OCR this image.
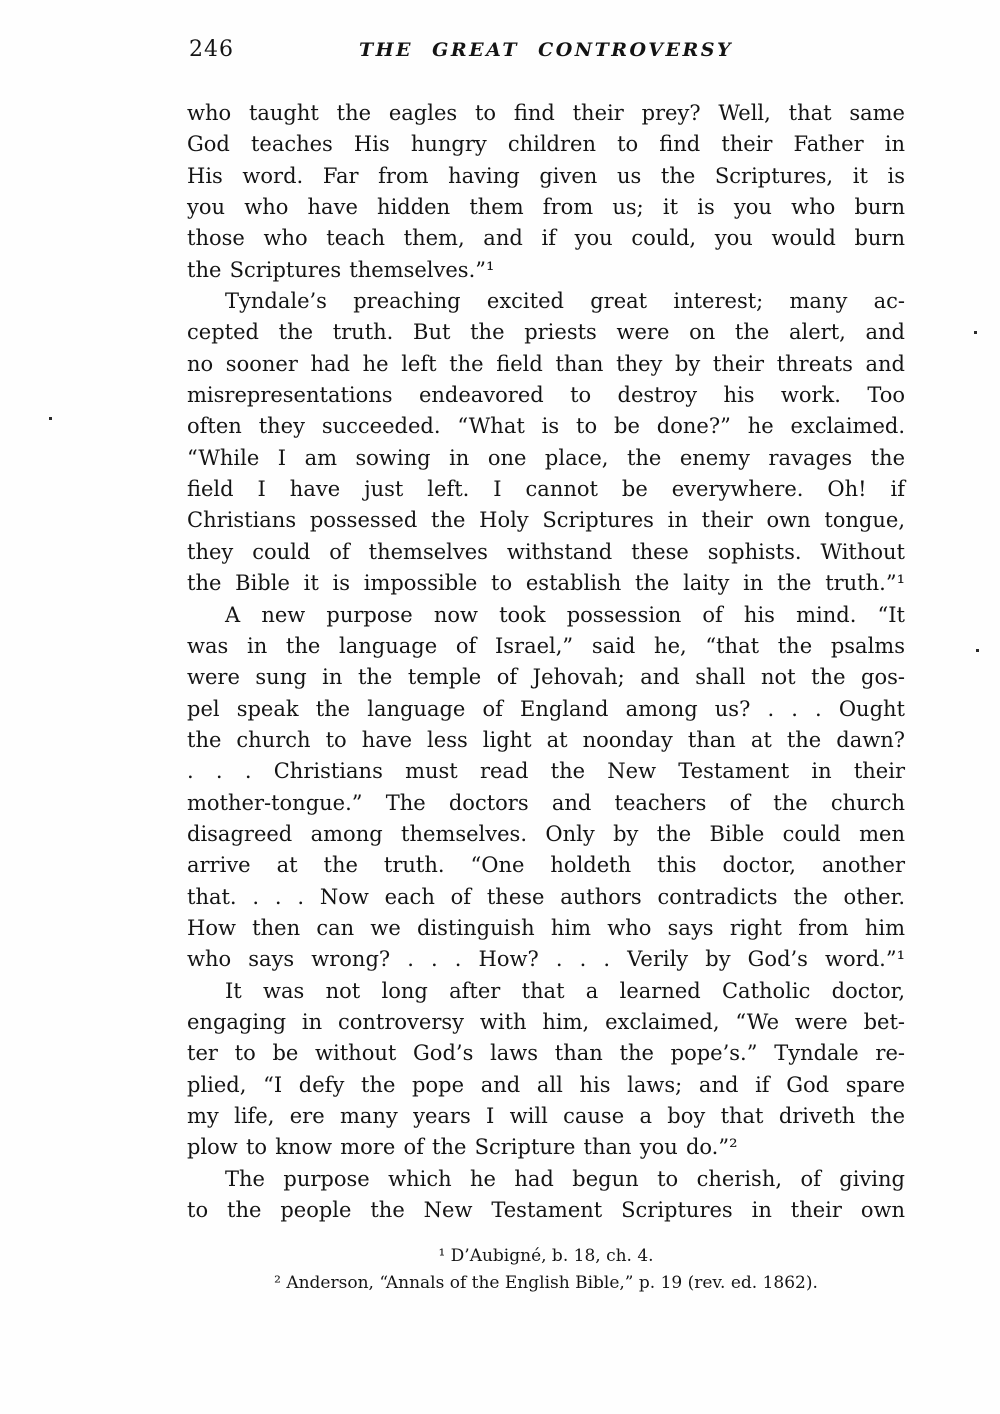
246	THE GREAT CONTROVERSY
who taught the eagles to find their prey? Well, that same
God teaches His hungry children to find their Father in
His word. Far from having given us the Scriptures, it is
you who have hidden them from us; it is you who burn
those who teach them, and if you could, you would burn
the Scriptures themselves.”¹
Tyndale’s preaching excited great interest; many ac-
cepted the truth. But the priests were on the alert, and
no sooner had he left the field than they by their threats and
misrepresentations endeavored to destroy his work. Too
often they succeeded. “What is to be done?” he exclaimed.
“While I am sowing in one place, the enemy ravages the
field I have just left. I cannot be everywhere. Oh! if
Christians possessed the Holy Scriptures in their own tongue,
they could of themselves withstand these sophists. Without
the Bible it is impossible to establish the laity in the truth.”¹
A new purpose now took possession of his mind. “It
was in the language of Israel,” said he, “that the psalms
were sung in the temple of Jehovah; and shall not the gos-
pel speak the language of England among us? . . . Ought
the church to have less light at noonday than at the dawn?
. . . Christians must read the New Testament in their
mother-tongue.” The doctors and teachers of the church
disagreed among themselves. Only by the Bible could men
arrive at the truth. “One holdeth this doctor, another
that. . . . Now each of these authors contradicts the other.
How then can we distinguish him who says right from him
who says wrong? . . . How? . . . Verily by God’s word.”¹
It was not long after that a learned Catholic doctor,
engaging in controversy with him, exclaimed, “We were bet-
ter to be without God’s laws than the pope’s.” Tyndale re-
plied, “I defy the pope and all his laws; and if God spare
my life, ere many years I will cause a boy that driveth the
plow to know more of the Scripture than you do.”²
The purpose which he had begun to cherish, of giving
to the people the New Testament Scriptures in their own
¹ D’Aubigné, b. 18, ch. 4.
² Anderson, “Annals of the English Bible,” p. 19 (rev. ed. 1862).
